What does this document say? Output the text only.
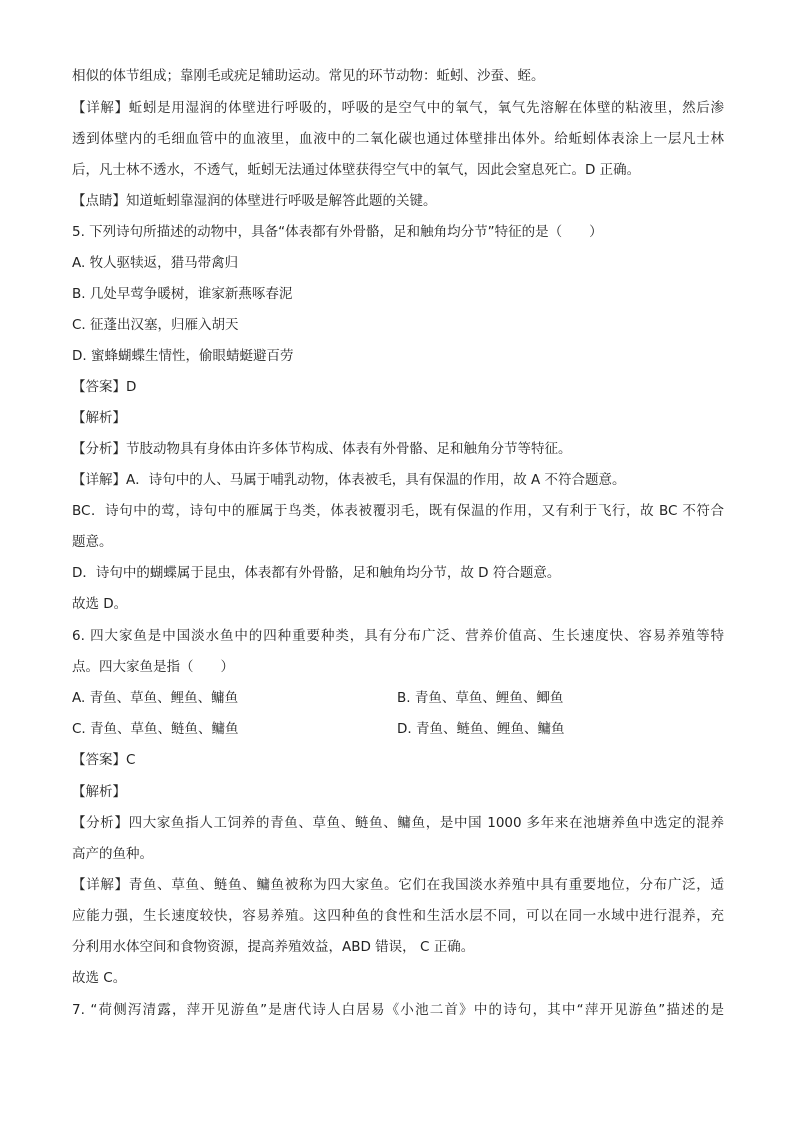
相似的体节组成；靠刚毛或疣足辅助运动。常见的环节动物：蚯蚓、沙蚕、蛭。
【详解】蚯蚓是用湿润的体壁进行呼吸的，呼吸的是空气中的氧气，氧气先溶解在体壁的粘液里，然后渗
透到体壁内的毛细血管中的血液里，血液中的二氧化碳也通过体壁排出体外。给蚯蚓体表涂上一层凡士林
后，凡士林不透水，不透气，蚯蚓无法通过体壁获得空气中的氧气，因此会窒息死亡。D 正确。
【点睛】知道蚯蚓靠湿润的体壁进行呼吸是解答此题的关键。
5. 下列诗句所描述的动物中，具备“体表都有外骨骼，足和触角均分节”特征的是（　　）
A. 牧人驱犊返，猎马带禽归
B. 几处早莺争暖树，谁家新燕啄春泥
C. 征蓬出汉塞，归雁入胡天
D. 蜜蜂蝴蝶生情性，偷眼蜻蜓避百劳
【答案】D
【解析】
【分析】节肢动物具有身体由许多体节构成、体表有外骨骼、足和触角分节等特征。
【详解】A．诗句中的人、马属于哺乳动物，体表被毛，具有保温的作用，故 A 不符合题意。
BC．诗句中的莺，诗句中的雁属于鸟类，体表被覆羽毛，既有保温的作用，又有利于飞行，故 BC 不符合
题意。
D．诗句中的蝴蝶属于昆虫，体表都有外骨骼，足和触角均分节，故 D 符合题意。
故选 D。
6. 四大家鱼是中国淡水鱼中的四种重要种类，具有分布广泛、营养价值高、生长速度快、容易养殖等特
点。四大家鱼是指（　　）
A. 青鱼、草鱼、鲤鱼、鳙鱼	B. 青鱼、草鱼、鲤鱼、鲫鱼
C. 青鱼、草鱼、鲢鱼、鳙鱼	D. 青鱼、鲢鱼、鲤鱼、鳙鱼
【答案】C
【解析】
【分析】四大家鱼指人工饲养的青鱼、草鱼、鲢鱼、鳙鱼，是中国 1000 多年来在池塘养鱼中选定的混养
高产的鱼种。
【详解】青鱼、草鱼、鲢鱼、鳙鱼被称为四大家鱼。它们在我国淡水养殖中具有重要地位，分布广泛，适
应能力强，生长速度较快，容易养殖。这四种鱼的食性和生活水层不同，可以在同一水域中进行混养，充
分利用水体空间和食物资源，提高养殖效益，ABD 错误， C 正确。
故选 C。
7. “荷侧泻清露，萍开见游鱼”是唐代诗人白居易《小池二首》中的诗句，其中“萍开见游鱼”描述的是
